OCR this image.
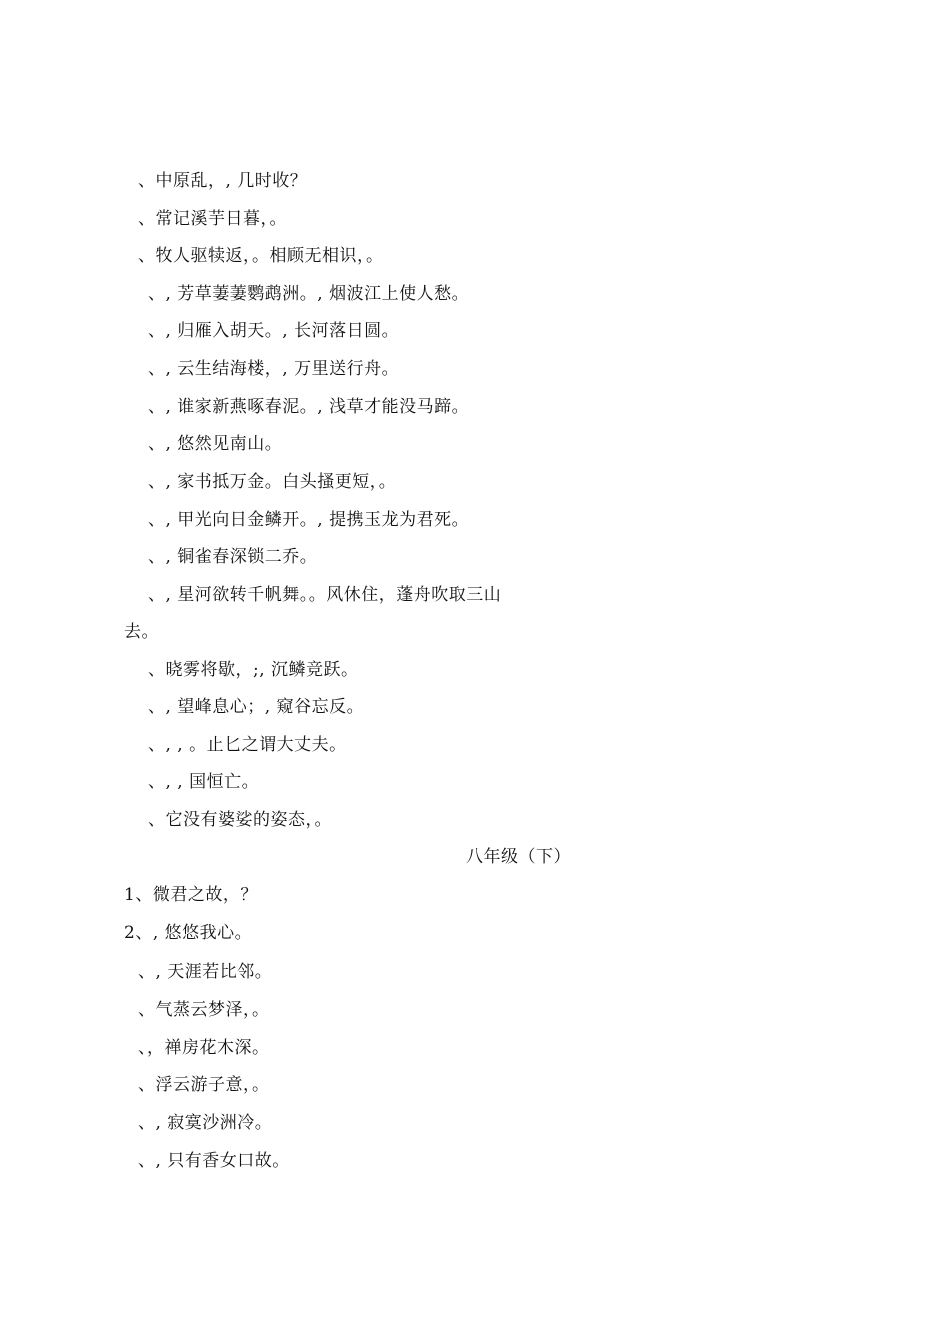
、中原乱，, 几时收？
、常记溪芋日暮，。
、牧人驱犊返，。相顾无相识，。
、, 芳草萋萋鹦鹉洲。, 烟波江上使人愁。
、, 归雁入胡天。, 长河落日圆。
、, 云生结海楼，, 万里送行舟。
、, 谁家新燕啄春泥。, 浅草才能没马蹄。
、, 悠然见南山。
、, 家书抵万金。白头搔更短，。
、, 甲光向日金鳞开。, 提携玉龙为君死。
、, 铜雀春深锁二乔。
、, 星河欲转千帆舞。。风休住，蓬舟吹取三山
去。
、晓雾将歇，;, 沉鳞竞跃。
、, 望峰息心；, 窥谷忘反。
、, , 。止匕之谓大丈夫。
、, , 国恒亡。
、它没有婆娑的姿态，。
八年级（下）
1、微君之故，？
2、, 悠悠我心。
、, 天涯若比邻。
、气蒸云梦泽，。
、，禅房花木深。
、浮云游子意，。
、, 寂寞沙洲冷。
、, 只有香女口故。
